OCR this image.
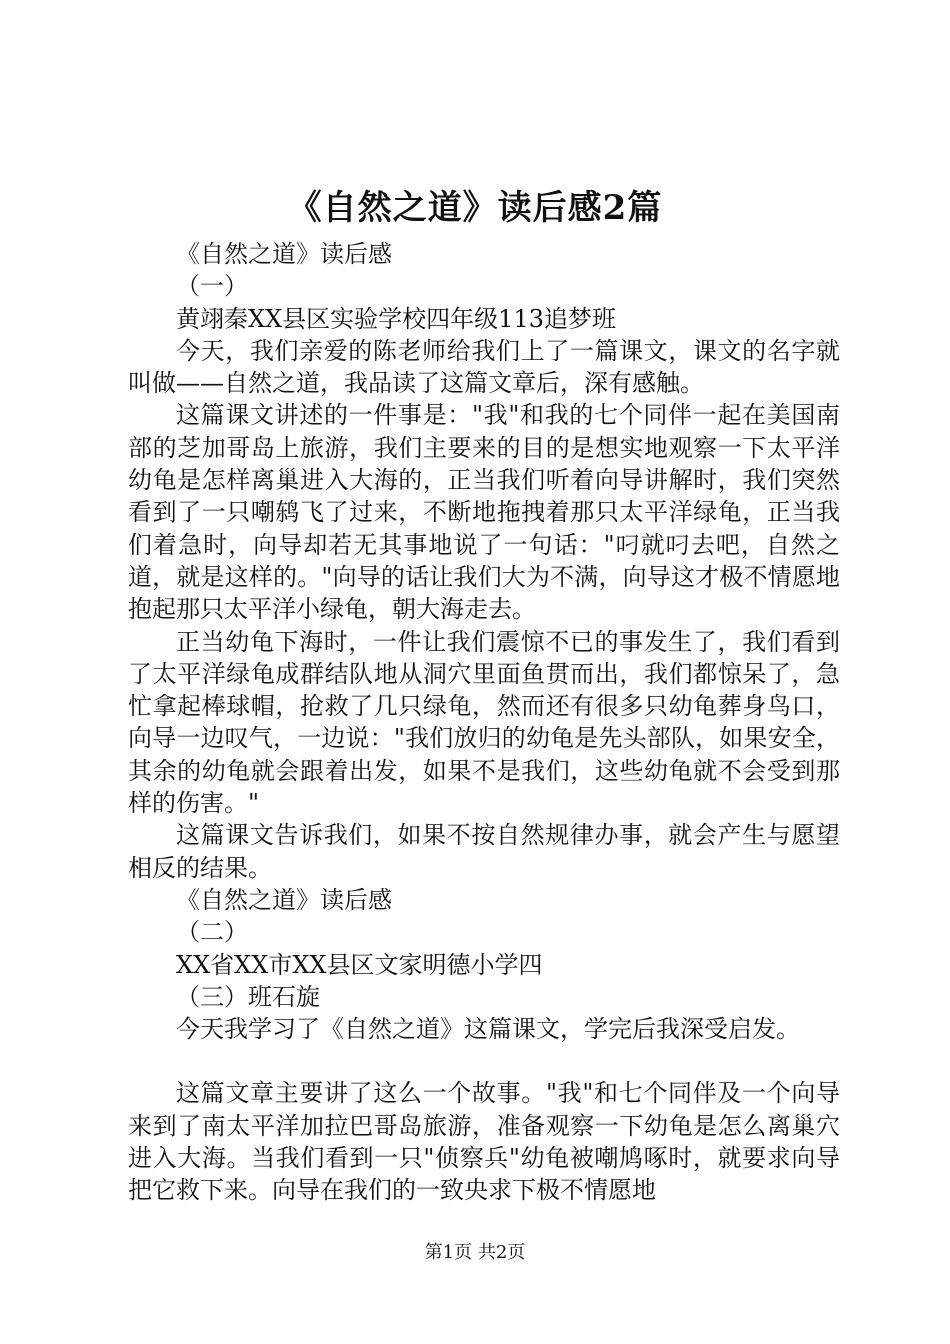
《自然之道》读后感2篇

《自然之道》读后感

（一）

黄翊秦XX县区实验学校四年级113追梦班

今天，我们亲爱的陈老师给我们上了一篇课文，课文的名字就叫做——自然之道，我品读了这篇文章后，深有感触。

这篇课文讲述的一件事是："我"和我的七个同伴一起在美国南部的芝加哥岛上旅游，我们主要来的目的是想实地观察一下太平洋幼龟是怎样离巢进入大海的，正当我们听着向导讲解时，我们突然看到了一只嘲鸫飞了过来，不断地拖拽着那只太平洋绿龟，正当我们着急时，向导却若无其事地说了一句话："叼就叼去吧，自然之道，就是这样的。"向导的话让我们大为不满，向导这才极不情愿地抱起那只太平洋小绿龟，朝大海走去。

正当幼龟下海时，一件让我们震惊不已的事发生了，我们看到了太平洋绿龟成群结队地从洞穴里面鱼贯而出，我们都惊呆了，急忙拿起棒球帽，抢救了几只绿龟，然而还有很多只幼龟葬身鸟口，向导一边叹气，一边说："我们放归的幼龟是先头部队，如果安全，其余的幼龟就会跟着出发，如果不是我们，这些幼龟就不会受到那样的伤害。"

这篇课文告诉我们，如果不按自然规律办事，就会产生与愿望相反的结果。

《自然之道》读后感

（二）

XX省XX市XX县区文家明德小学四

（三）班石旋

今天我学习了《自然之道》这篇课文，学完后我深受启发。

这篇文章主要讲了这么一个故事。"我"和七个同伴及一个向导来到了南太平洋加拉巴哥岛旅游，准备观察一下幼龟是怎么离巢穴进入大海。当我们看到一只"侦察兵"幼龟被嘲鸠啄时，就要求向导把它救下来。向导在我们的一致央求下极不情愿地

第1页 共2页
